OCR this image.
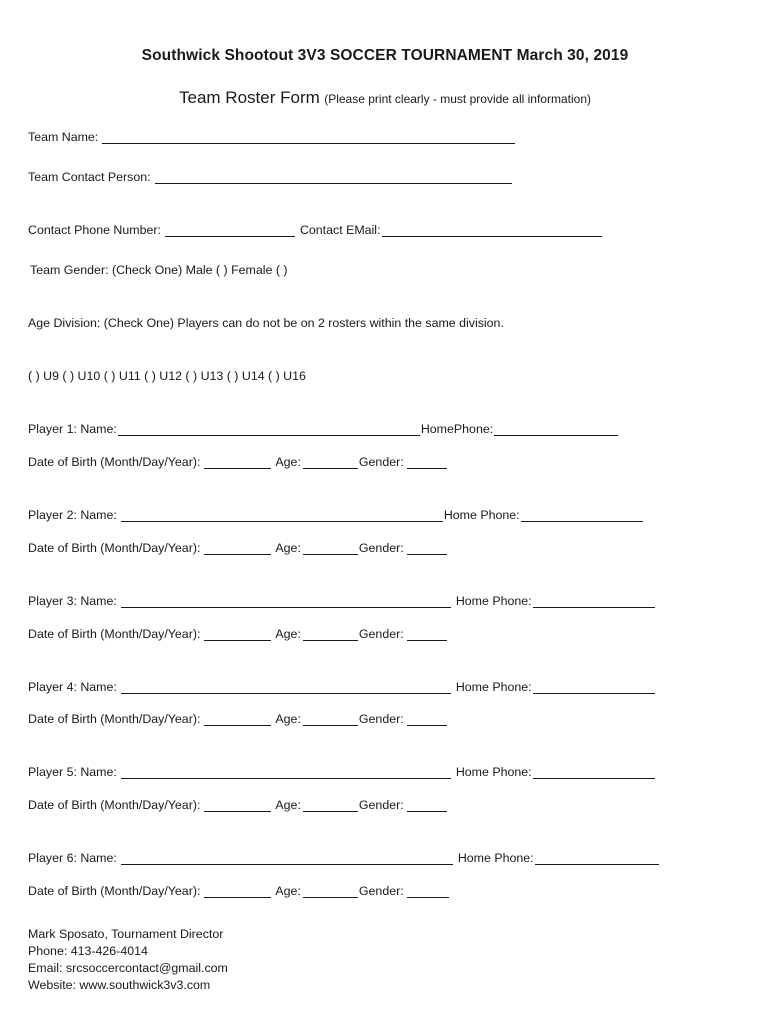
Southwick Shootout 3V3 SOCCER TOURNAMENT March 30, 2019
Team Roster Form (Please print clearly - must provide all information)
Team Name:
Team Contact Person:
Contact Phone Number:	Contact EMail:
Team Gender: (Check One) Male ( ) Female ( )
Age Division: (Check One) Players can do not be on 2 rosters within the same division.
( ) U9 ( ) U10 ( ) U11 ( ) U12 ( ) U13 ( ) U14 ( ) U16
Player 1: Name:	HomePhone:
Date of Birth (Month/Day/Year):	Age:	Gender:
Player 2: Name:	Home Phone:
Date of Birth (Month/Day/Year):	Age:	Gender:
Player 3: Name:	Home Phone:
Date of Birth (Month/Day/Year):	Age:	Gender:
Player 4: Name:	Home Phone:
Date of Birth (Month/Day/Year):	Age:	Gender:
Player 5: Name:	Home Phone:
Date of Birth (Month/Day/Year):	Age:	Gender:
Player 6: Name:	Home Phone:
Date of Birth (Month/Day/Year):	Age:	Gender:
Mark Sposato, Tournament Director
Phone: 413-426-4014
Email: srcsoccercontact@gmail.com
Website: www.southwick3v3.com
